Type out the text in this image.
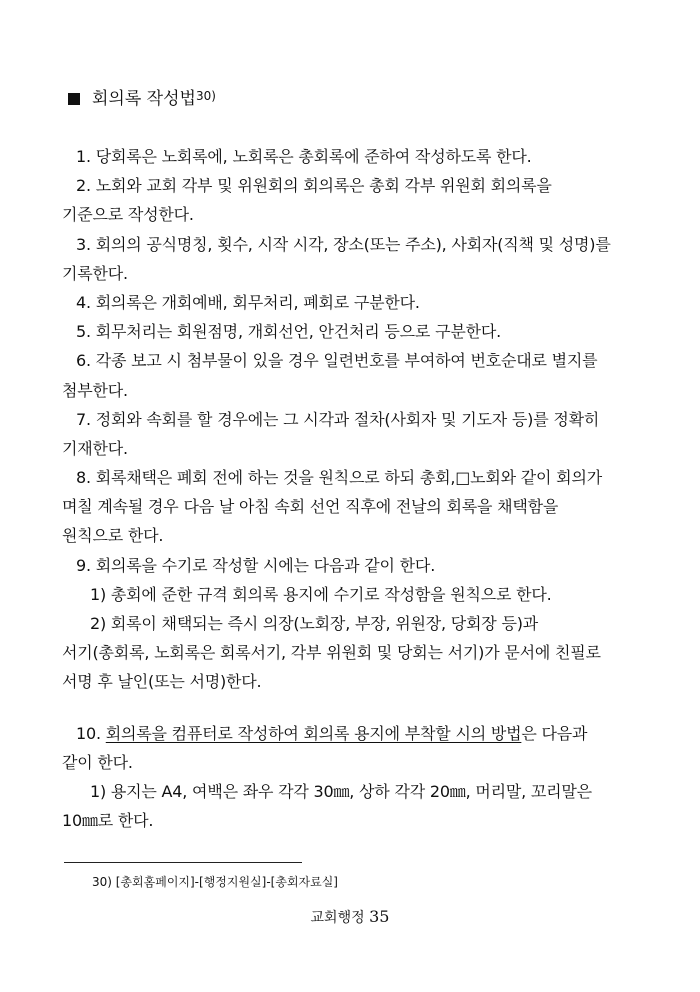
회의록 작성법$^{30)}$
1. 당회록은 노회록에, 노회록은 총회록에 준하여 작성하도록 한다.
2. 노회와 교회 각부 및 위원회의 회의록은 총회 각부 위원회 회의록을
기준으로 작성한다.
3. 회의의 공식명칭, 횟수, 시작 시각, 장소(또는 주소), 사회자(직책 및 성명)를
기록한다.
4. 회의록은 개회예배, 회무처리, 폐회로 구분한다.
5. 회무처리는 회원점명, 개회선언, 안건처리 등으로 구분한다.
6. 각종 보고 시 첨부물이 있을 경우 일련번호를 부여하여 번호순대로 별지를
첨부한다.
7. 정회와 속회를 할 경우에는 그 시각과 절차(사회자 및 기도자 등)를 정확히
기재한다.
8. 회록채택은 폐회 전에 하는 것을 원칙으로 하되 총회,□노회와 같이 회의가
며칠 계속될 경우 다음 날 아침 속회 선언 직후에 전날의 회록을 채택함을
원칙으로 한다.
9. 회의록을 수기로 작성할 시에는 다음과 같이 한다.
1) 총회에 준한 규격 회의록 용지에 수기로 작성함을 원칙으로 한다.
2) 회록이 채택되는 즉시 의장(노회장, 부장, 위원장, 당회장 등)과
서기(총회록, 노회록은 회록서기, 각부 위원회 및 당회는 서기)가 문서에 친필로
서명 후 날인(또는 서명)한다.
10. 회의록을 컴퓨터로 작성하여 회의록 용지에 부착할 시의 방법은 다음과
같이 한다.
1) 용지는 A4, 여백은 좌우 각각 30㎜, 상하 각각 20㎜, 머리말, 꼬리말은
10㎜로 한다.
30) [총회홈페이지]-[행정지원실]-[총회자료실]
교회행정 35
